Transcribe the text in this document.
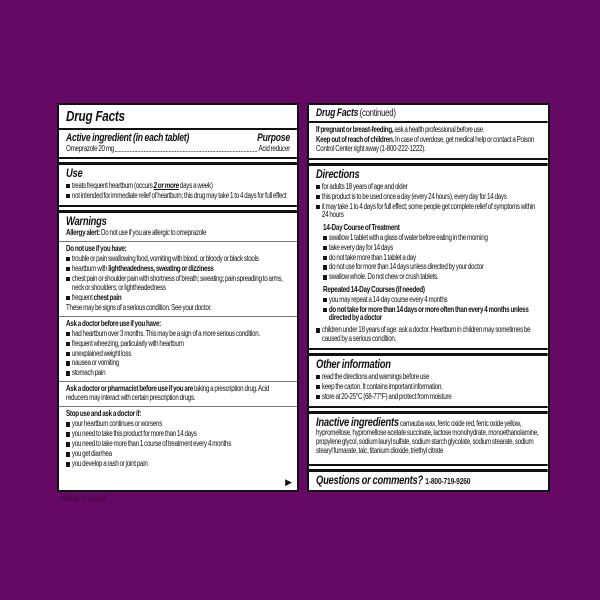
Drug Facts
Active ingredient (in each tablet)	Purpose
Omeprazole 20 mg	Acid reducer
Use
treats frequent heartburn (occurs 2 or more days a week)
not intended for immediate relief of heartburn; this drug may take 1 to 4 days for full effect
Warnings
Allergy alert: Do not use if you are allergic to omeprazole
Do not use if you have:
trouble or pain swallowing food, vomiting with blood, or bloody or black stools
heartburn with lightheadedness, sweating or dizziness
chest pain or shoulder pain with shortness of breath; sweating; pain spreading to arms, neck or shoulders; or lightheadedness
frequent chest pain
These may be signs of a serious condition. See your doctor.
Ask a doctor before use if you have:
had heartburn over 3 months. This may be a sign of a more serious condition.
frequent wheezing, particularly with heartburn
unexplained weight loss
nausea or vomiting
stomach pain
Ask a doctor or pharmacist before use if you are taking a prescription drug. Acid reducers may interact with certain prescription drugs.
Stop use and ask a doctor if:
your heartburn continues or worsens
you need to take this product for more than 14 days
you need to take more than 1 course of treatment every 4 months
you get diarrhea
you develop a rash or joint pain
▶
Drug Facts (continued)
If pregnant or breast-feeding, ask a health professional before use.
Keep out of reach of children. In case of overdose, get medical help or contact a Poison Control Center right away (1-800-222-1222).
Directions
for adults 18 years of age and older
this product is to be used once a day (every 24 hours), every day for 14 days
it may take 1 to 4 days for full effect; some people get complete relief of symptoms within 24 hours
14-Day Course of Treatment
swallow 1 tablet with a glass of water before eating in the morning
take every day for 14 days
do not take more than 1 tablet a day
do not use for more than 14 days unless directed by your doctor
swallow whole. Do not chew or crush tablets.
Repeated 14-Day Courses (if needed)
you may repeat a 14-day course every 4 months
do not take for more than 14 days or more often than every 4 months unless directed by a doctor
children under 18 years of age: ask a doctor. Heartburn in children may sometimes be caused by a serious condition.
Other information
read the directions and warnings before use
keep the carton. It contains important information.
store at 20-25°C (68-77°F) and protect from moisture
Inactive ingredients carnauba wax, ferric oxide red, ferric oxide yellow, hypromellose, hypromellose acetate succinate, lactose monohydrate, monoethanolamine, propylene glycol, sodium lauryl sulfate, sodium starch glycolate, sodium stearate, sodium stearyl fumarate, talc, titanium dioxide, triethyl citrate
Questions or comments? 1-800-719-9260
Made in Israel
